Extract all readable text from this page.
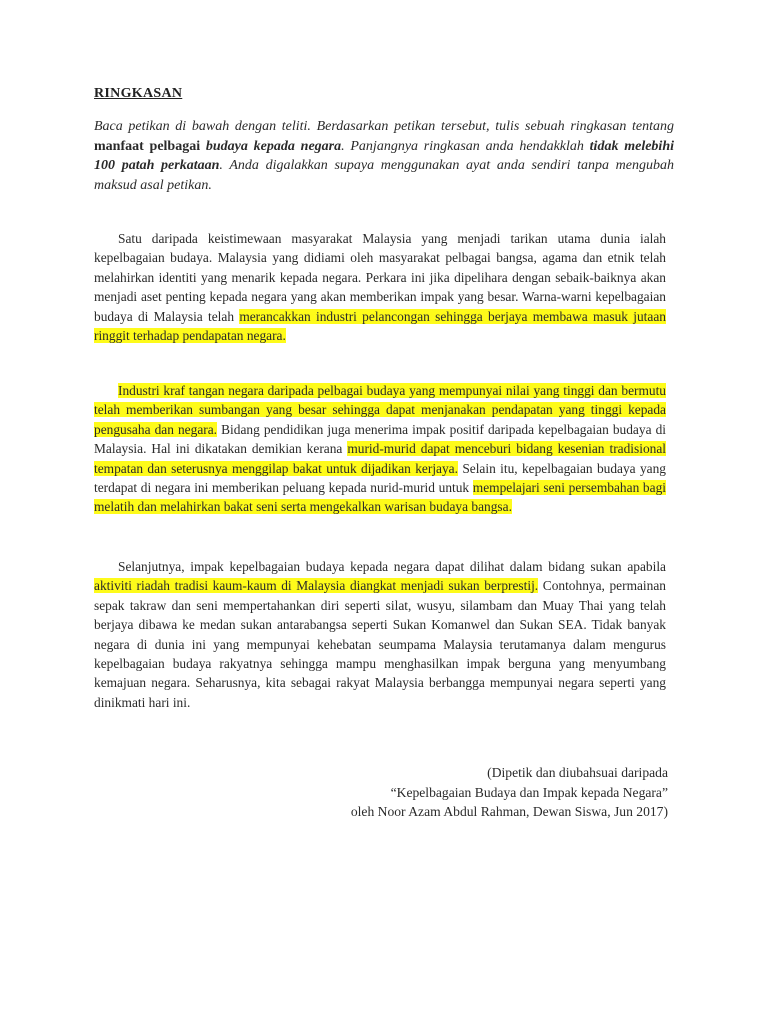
RINGKASAN
Baca petikan di bawah dengan teliti. Berdasarkan petikan tersebut, tulis sebuah ringkasan tentang manfaat pelbagai budaya kepada negara. Panjangnya ringkasan anda hendakklah tidak melebihi 100 patah perkataan. Anda digalakkan supaya menggunakan ayat anda sendiri tanpa mengubah maksud asal petikan.
Satu daripada keistimewaan masyarakat Malaysia yang menjadi tarikan utama dunia ialah kepelbagaian budaya. Malaysia yang didiami oleh masyarakat pelbagai bangsa, agama dan etnik telah melahirkan identiti yang menarik kepada negara. Perkara ini jika dipelihara dengan sebaik-baiknya akan menjadi aset penting kepada negara yang akan memberikan impak yang besar. Warna-warni kepelbagaian budaya di Malaysia telah merancakkan industri pelancongan sehingga berjaya membawa masuk jutaan ringgit terhadap pendapatan negara.
Industri kraf tangan negara daripada pelbagai budaya yang mempunyai nilai yang tinggi dan bermutu telah memberikan sumbangan yang besar sehingga dapat menjanakan pendapatan yang tinggi kepada pengusaha dan negara. Bidang pendidikan juga menerima impak positif daripada kepelbagaian budaya di Malaysia. Hal ini dikatakan demikian kerana murid-murid dapat menceburi bidang kesenian tradisional tempatan dan seterusnya menggilap bakat untuk dijadikan kerjaya. Selain itu, kepelbagaian budaya yang terdapat di negara ini memberikan peluang kepada nurid-murid untuk mempelajari seni persembahan bagi melatih dan melahirkan bakat seni serta mengekalkan warisan budaya bangsa.
Selanjutnya, impak kepelbagaian budaya kepada negara dapat dilihat dalam bidang sukan apabila aktiviti riadah tradisi kaum-kaum di Malaysia diangkat menjadi sukan berprestij. Contohnya, permainan sepak takraw dan seni mempertahankan diri seperti silat, wusyu, silambam dan Muay Thai yang telah berjaya dibawa ke medan sukan antarabangsa seperti Sukan Komanwel dan Sukan SEA. Tidak banyak negara di dunia ini yang mempunyai kehebatan seumpama Malaysia terutamanya dalam mengurus kepelbagaian budaya rakyatnya sehingga mampu menghasilkan impak berguna yang menyumbang kemajuan negara. Seharusnya, kita sebagai rakyat Malaysia berbangga mempunyai negara seperti yang dinikmati hari ini.
(Dipetik dan diubahsuai daripada
“Kepelbagaian Budaya dan Impak kepada Negara”
oleh Noor Azam Abdul Rahman, Dewan Siswa, Jun 2017)
